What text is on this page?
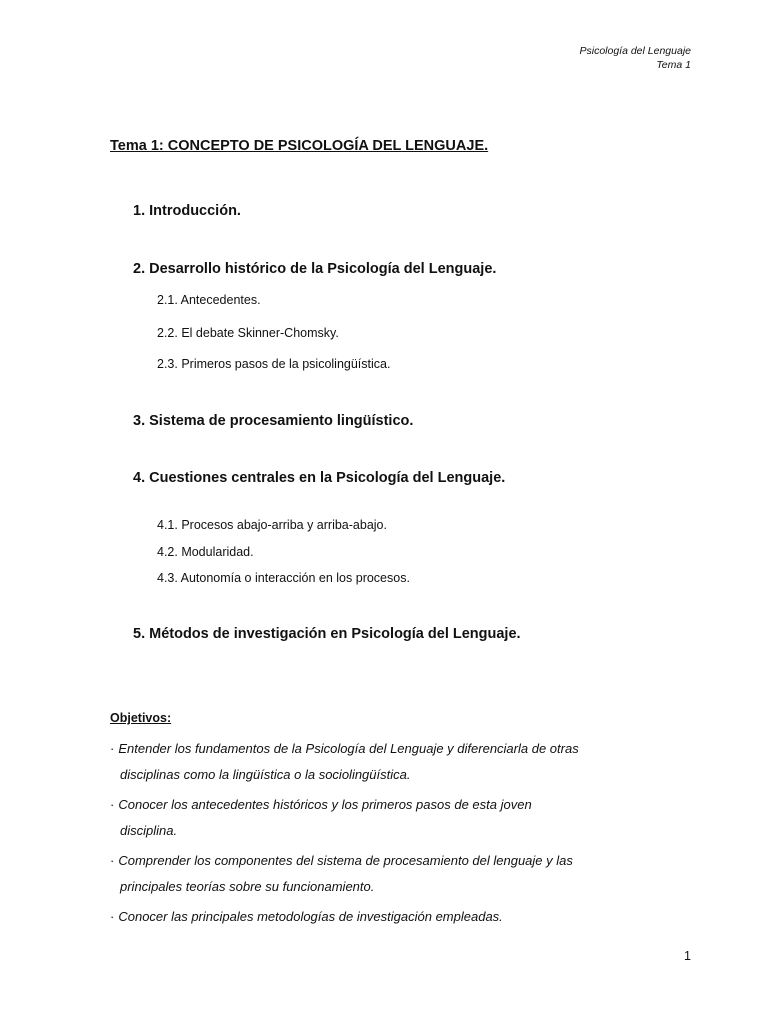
Psicología del Lenguaje
Tema 1
Tema 1: CONCEPTO DE PSICOLOGÍA DEL LENGUAJE.
1. Introducción.
2. Desarrollo histórico de la Psicología del Lenguaje.
2.1. Antecedentes.
2.2. El debate Skinner-Chomsky.
2.3. Primeros pasos de la psicolingüística.
3. Sistema de procesamiento lingüístico.
4. Cuestiones centrales en la Psicología del Lenguaje.
4.1. Procesos abajo-arriba y arriba-abajo.
4.2. Modularidad.
4.3. Autonomía o interacción en los procesos.
5. Métodos de investigación en Psicología del Lenguaje.
Objetivos:
· Entender los fundamentos de la Psicología del Lenguaje y diferenciarla de otras
disciplinas como la lingüística o la sociolingüística.
· Conocer los antecedentes históricos y los primeros pasos de esta joven
disciplina.
· Comprender los componentes del sistema de procesamiento del lenguaje y las
principales teorías sobre su funcionamiento.
· Conocer las principales metodologías de investigación empleadas.
1
